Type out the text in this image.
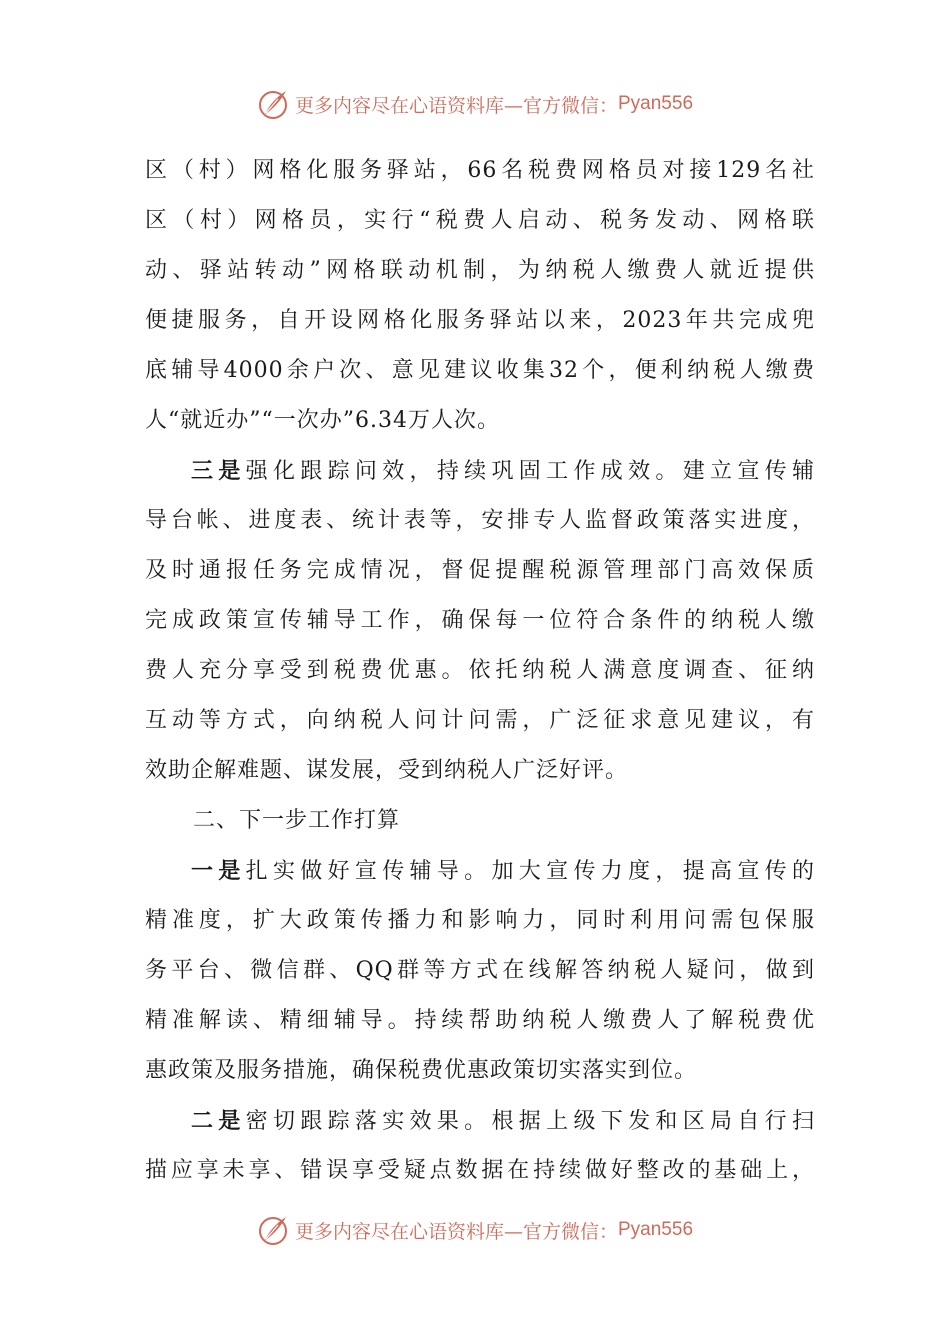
更多内容尽在心语资料库—官方微信： Pyan556
区（村）网格化服务驿站，66名税费网格员对接129名社
区（村）网格员，实行“税费人启动、税务发动、网格联
动、驿站转动”网格联动机制，为纳税人缴费人就近提供
便捷服务，自开设网格化服务驿站以来，2023年共完成兜
底辅导4000余户次、意见建议收集32个，便利纳税人缴费
人“就近办”“一次办”6.34万人次。
三是强化跟踪问效，持续巩固工作成效。建立宣传辅
导台帐、进度表、统计表等，安排专人监督政策落实进度，
及时通报任务完成情况，督促提醒税源管理部门高效保质
完成政策宣传辅导工作，确保每一位符合条件的纳税人缴
费人充分享受到税费优惠。依托纳税人满意度调查、征纳
互动等方式，向纳税人问计问需，广泛征求意见建议，有
效助企解难题、谋发展，受到纳税人广泛好评。
二、下一步工作打算
一是扎实做好宣传辅导。加大宣传力度，提高宣传的
精准度，扩大政策传播力和影响力，同时利用问需包保服
务平台、微信群、QQ群等方式在线解答纳税人疑问，做到
精准解读、精细辅导。持续帮助纳税人缴费人了解税费优
惠政策及服务措施，确保税费优惠政策切实落实到位。
二是密切跟踪落实效果。根据上级下发和区局自行扫
描应享未享、错误享受疑点数据在持续做好整改的基础上，
更多内容尽在心语资料库—官方微信： Pyan556
